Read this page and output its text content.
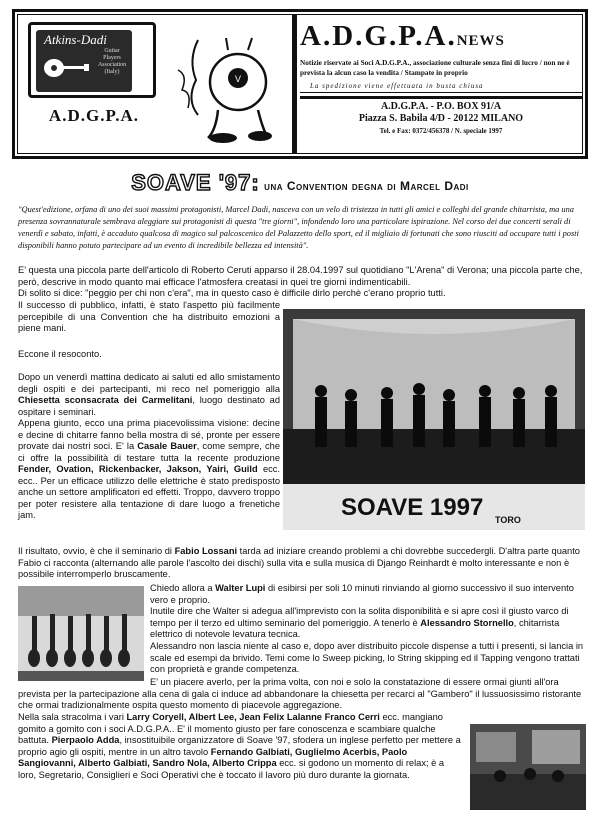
Atkins-Dadi
Guitar
Players
Association
(Italy)
A.D.G.P.A.
V
A.D.G.P.A.NEWS
Notizie riservate ai Soci A.D.G.P.A., associazione culturale senza fini di lucro / non ne è prevista la alcun caso la vendita / Stampate in proprio
La spedizione viene effettuata in busta chiusa
A.D.G.P.A. - P.O. BOX 91/A
Piazza S. Babila 4/D - 20122 MILANO
Tel. e Fax: 0372/456378 / N. speciale 1997
SOAVE '97: una Convention degna di Marcel Dadi
"Quest'edizione, orfana di uno dei suoi massimi protagonisti, Marcel Dadi, nasceva con un velo di tristezza in tutti gli amici e colleghi del grande chitarrista, ma una presenza sovrannaturale sembrava aleggiare sui protagonisti di questa "tre giorni", infondendo loro una particolare ispirazione. Nel corso dei due concerti serali di venerdì e sabato, infatti, è accaduto qualcosa di magico sul palcoscenico del Palazzetto dello sport, ed il migliaio di fortunati che sono riusciti ad occupare tutti i posti disponibili hanno potuto partecipare ad un evento di incredibile bellezza ed intensità".
E' questa una piccola parte dell'articolo di Roberto Ceruti apparso il 28.04.1997 sul quotidiano "L'Arena" di Verona; una piccola parte che, però, descrive in modo quanto mai efficace l'atmosfera creatasi in quei tre giorni indimenticabili.
Di solito si dice: "peggio per chi non c'era", ma in questo caso è difficile dirlo perchè c'erano proprio tutti.
Il successo di pubblico, infatti, è stato l'aspetto più facilmente percepibile di una Convention che ha distribuito emozioni a piene mani.
Eccone il resoconto.
Dopo un venerdì mattina dedicato ai saluti ed allo smistamento degli ospiti e dei partecipanti, mi reco nel pomeriggio alla Chiesetta sconsacrata dei Carmelitani, luogo destinato ad ospitare i seminari.
Appena giunto, ecco una prima piacevolissima visione: decine e decine di chitarre fanno bella mostra di sé, pronte per essere provate dai nostri soci. E' la Casale Bauer, come sempre, che ci offre la possibilità di testare tutta la recente produzione Fender, Ovation, Rickenbacker, Jakson, Yairi, Guild ecc. ecc.. Per un efficace utilizzo delle elettriche è stato predisposto anche un settore amplificatori ed effetti. Troppo, davvero troppo per poter resistere alla tentazione di dare luogo a frenetiche jam.	SOAVE 1997 TORO
Il risultato, ovvio, è che il seminario di Fabio Lossani tarda ad iniziare creando problemi a chi dovrebbe succedergli. D'altra parte quanto Fabio ci racconta (alternando alle parole l'ascolto dei dischi) sulla vita e sulla musica di Django Reinhardt è molto interessante e non è possibile interromperlo bruscamente.
Chiedo allora a Walter Lupi di esibirsi per soli 10 minuti rinviando al giorno successivo il suo intervento vero e proprio.
Inutile dire che Walter si adegua all'imprevisto con la solita disponibilità e si apre così il giusto varco di tempo per il terzo ed ultimo seminario del pomeriggio. A tenerlo è Alessandro Stornello, chitarrista elettrico di notevole levatura tecnica.
Alessandro non lascia niente al caso e, dopo aver distribuito piccole dispense a tutti i presenti, si lancia in scale ed esempi da brivido. Temi come lo Sweep picking, lo String skipping ed il Tapping vengono trattati con proprietà e grande competenza.
E' un piacere averlo, per la prima volta, con noi e solo la constatazione di essere ormai giunti all'ora prevista per la partecipazione alla cena di gala ci induce ad abbandonare la chiesetta per recarci al "Gambero" il lussuosissimo ristorante che ormai tradizionalmente ospita questo momento di piacevole aggregazione.
Nella sala stracolma i vari Larry Coryell, Albert Lee, Jean Felix Lalanne Franco Cerri ecc. mangiano gomito a gomito con i soci A.D.G.P.A.. E' il momento giusto per fare conoscenza e scambiare qualche battuta. Pierpaolo Adda, insostituibile organizzatore di Soave '97, sfodera un inglese perfetto per mettere a proprio agio gli ospiti, mentre in un altro tavolo Fernando Galbiati, Guglielmo Acerbis, Paolo Sangiovanni, Alberto Galbiati, Sandro Nola, Alberto Crippa ecc. si godono un momento di relax; è a loro, Segretario, Consiglieri e Soci Operativi che è toccato il lavoro più duro durante la giornata.
